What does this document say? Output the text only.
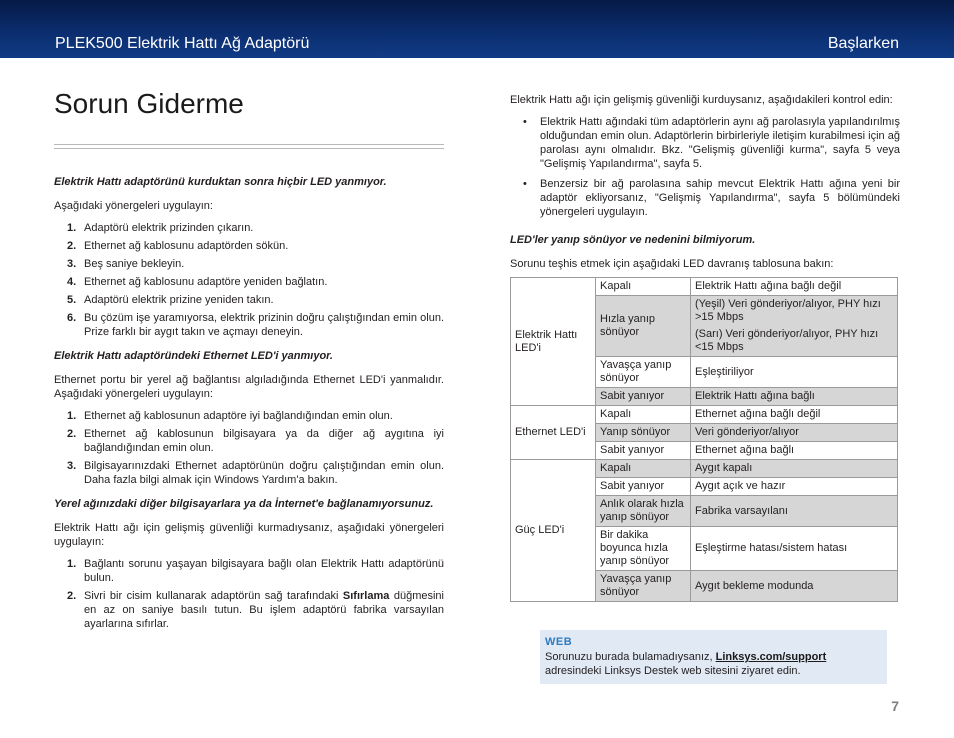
PLEK500 Elektrik Hattı Ağ Adaptörü	Başlarken
Sorun Giderme
Elektrik Hattı adaptörünü kurduktan sonra hiçbir LED yanmıyor.

Aşağıdaki yönergeleri uygulayın:

1. Adaptörü elektrik prizinden çıkarın.
2. Ethernet ağ kablosunu adaptörden sökün.
3. Beş saniye bekleyin.
4. Ethernet ağ kablosunu adaptöre yeniden bağlatın.
5. Adaptörü elektrik prizine yeniden takın.
6. Bu çözüm işe yaramıyorsa, elektrik prizinin doğru çalıştığından emin olun. Prize farklı bir aygıt takın ve açmayı deneyin.
Elektrik Hattı adaptöründeki Ethernet LED'i yanmıyor.

Ethernet portu bir yerel ağ bağlantısı algıladığında Ethernet LED'i yanmalıdır. Aşağıdaki yönergeleri uygulayın:

1. Ethernet ağ kablosunun adaptöre iyi bağlandığından emin olun.
2. Ethernet ağ kablosunun bilgisayara ya da diğer ağ aygıtına iyi bağlandığından emin olun.
3. Bilgisayarınızdaki Ethernet adaptörünün doğru çalıştığından emin olun. Daha fazla bilgi almak için Windows Yardım'a bakın.
Yerel ağınızdaki diğer bilgisayarlara ya da İnternet'e bağlanamıyorsunuz.

Elektrik Hattı ağı için gelişmiş güvenliği kurmadıysanız, aşağıdaki yönergeleri uygulayın:

1. Bağlantı sorunu yaşayan bilgisayara bağlı olan Elektrik Hattı adaptörünü bulun.
2. Sivri bir cisim kullanarak adaptörün sağ tarafındaki Sıfırlama düğmesini en az on saniye basılı tutun. Bu işlem adaptörü fabrika varsayılan ayarlarına sıfırlar.

Elektrik Hattı ağı için gelişmiş güvenliği kurduysanız, aşağıdakileri kontrol edin:

• Elektrik Hattı ağındaki tüm adaptörlerin aynı ağ parolasıyla yapılandırılmış olduğundan emin olun. Adaptörlerin birbirleriyle iletişim kurabilmesi için ağ parolası aynı olmalıdır. Bkz. "Gelişmiş güvenliği kurma", sayfa 5 veya "Gelişmiş Yapılandırma", sayfa 5.
• Benzersiz bir ağ parolasına sahip mevcut Elektrik Hattı ağına yeni bir adaptör ekliyorsanız, "Gelişmiş Yapılandırma", sayfa 5 bölümündeki yönergeleri uygulayın.
LED'ler yanıp sönüyor ve nedenini bilmiyorum.

Sorunu teşhis etmek için aşağıdaki LED davranış tablosuna bakın:

Elektrik Hattı LED'i	Kapalı	Elektrik Hattı ağına bağlı değil
	Hızla yanıp sönüyor	(Yeşil) Veri gönderiyor/alıyor, PHY hızı >15 Mbps

(Sarı) Veri gönderiyor/alıyor, PHY hızı <15 Mbps

	Yavaşça yanıp sönüyor	Eşleştiriliyor
	Sabit yanıyor	Elektrik Hattı ağına bağlı
Ethernet LED'i	Kapalı	Ethernet ağına bağlı değil
	Yanıp sönüyor	Veri gönderiyor/alıyor
	Sabit yanıyor	Ethernet ağına bağlı
Güç LED'i	Kapalı	Aygıt kapalı
	Sabit yanıyor	Aygıt açık ve hazır
	Anlık olarak hızla yanıp sönüyor	Fabrika varsayılanı
	Bir dakika boyunca hızla yanıp sönüyor	Eşleştirme hatası/sistem hatası
	Yavaşça yanıp sönüyor	Aygıt bekleme modunda
WEB
Sorunuzu burada bulamadıysanız, Linksys.com/support adresindeki Linksys Destek web sitesini ziyaret edin.
7
